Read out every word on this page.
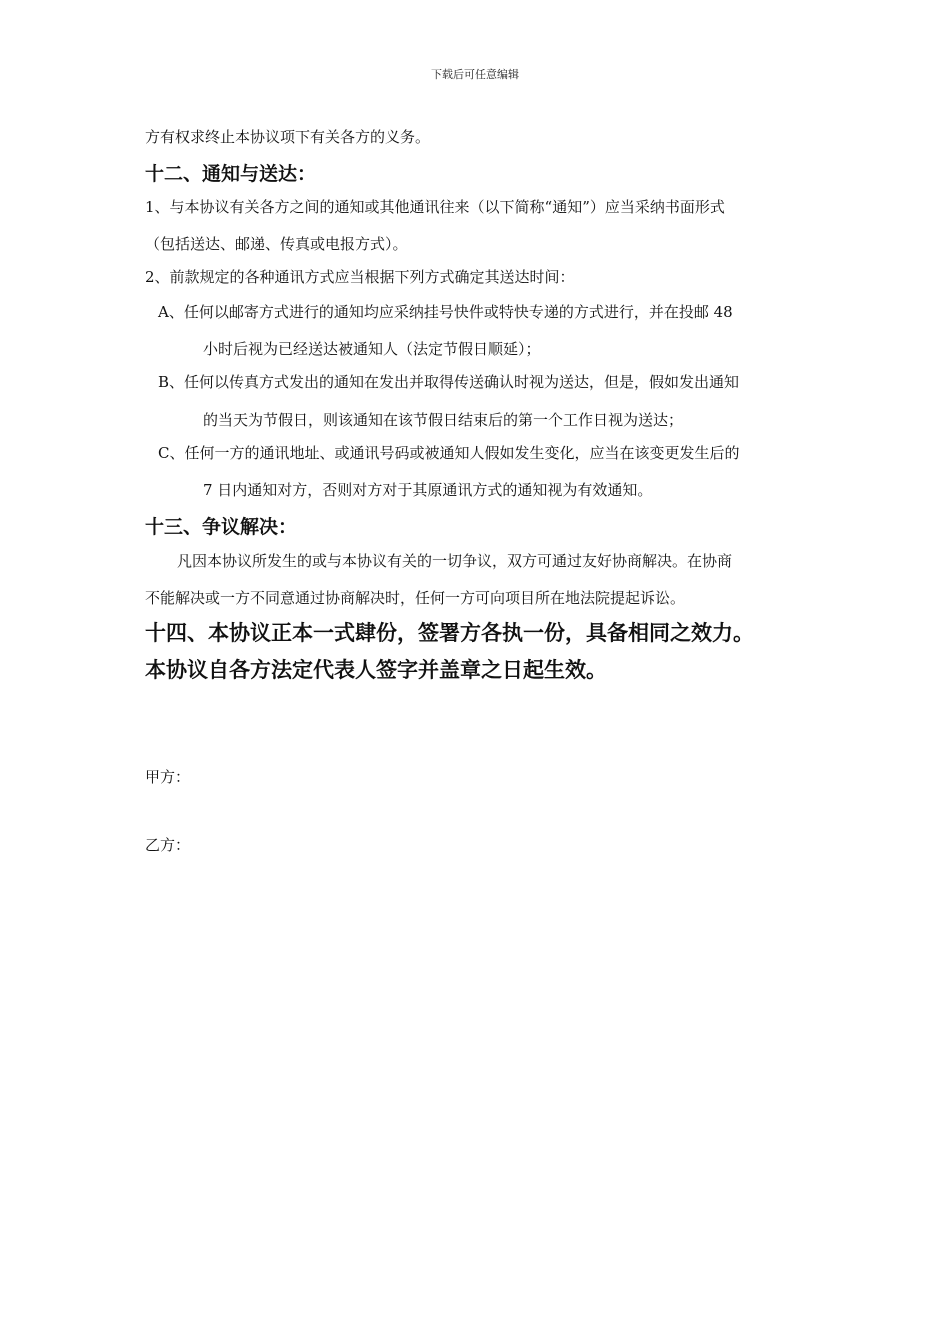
下载后可任意编辑
方有权求终止本协议项下有关各方的义务。
十二、通知与送达：
1、与本协议有关各方之间的通知或其他通讯往来（以下简称“通知”）应当采纳书面形式
（包括送达、邮递、传真或电报方式）。
2、前款规定的各种通讯方式应当根据下列方式确定其送达时间：
A、任何以邮寄方式进行的通知均应采纳挂号快件或特快专递的方式进行，并在投邮 48
小时后视为已经送达被通知人（法定节假日顺延）；
B、任何以传真方式发出的通知在发出并取得传送确认时视为送达，但是，假如发出通知
的当天为节假日，则该通知在该节假日结束后的第一个工作日视为送达；
C、任何一方的通讯地址、或通讯号码或被通知人假如发生变化，应当在该变更发生后的
7 日内通知对方，否则对方对于其原通讯方式的通知视为有效通知。
十三、争议解决：
凡因本协议所发生的或与本协议有关的一切争议，双方可通过友好协商解决。在协商
不能解决或一方不同意通过协商解决时，任何一方可向项目所在地法院提起诉讼。
十四、本协议正本一式肆份，签署方各执一份，具备相同之效力。
本协议自各方法定代表人签字并盖章之日起生效。
甲方：
乙方：
